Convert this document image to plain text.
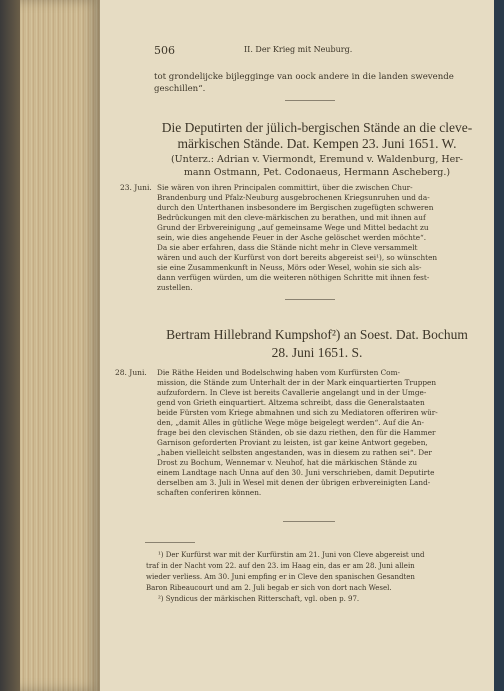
506	II. Der Krieg mit Neuburg.
tot grondelijcke bijlegginge van oock andere in die landen swevende
geschillen“.
Die Deputirten der jülich-bergischen Stände an die cleve-
märkischen Stände. Dat. Kempen 23. Juni 1651. W.
(Unterz.: Adrian v. Viermondt, Eremund v. Waldenburg, Her-
mann Ostmann, Pet. Codonaeus, Hermann Ascheberg.)
23. Juni. Sie wären von ihren Principalen committirt, über die zwischen Chur-
Brandenburg und Pfalz-Neuburg ausgebrochenen Kriegsunruhen und da-
durch den Unterthanen insbesondere im Bergischen zugefügten schweren
Bedrückungen mit den cleve-märkischen zu berathen, und mit ihnen auf
Grund der Erbvereinigung „auf gemeinsame Wege und Mittel bedacht zu
sein, wie dies angehende Feuer in der Asche gelöschet werden möchte“.
Da sie aber erfahren, dass die Stände nicht mehr in Cleve versammelt
wären und auch der Kurfürst von dort bereits abgereist sei¹), so wünschten
sie eine Zusammenkunft in Neuss, Mörs oder Wesel, wohin sie sich als-
dann verfügen würden, um die weiteren nöthigen Schritte mit ihnen fest-
zustellen.
Bertram Hillebrand Kumpshof²) an Soest. Dat. Bochum
28. Juni 1651. S.
28. Juni. Die Räthe Heiden und Bodelschwing haben vom Kurfürsten Com-
mission, die Stände zum Unterhalt der in der Mark einquartierten Truppen
aufzufordern. In Cleve ist bereits Cavallerie angelangt und in der Umge-
gend von Grieth einquartiert. Altzema schreibt, dass die Generalstaaten
beide Fürsten vom Kriege abmahnen und sich zu Mediatoren offeriren wür-
den, „damit Alles in gütliche Wege möge beigelegt werden“. Auf die An-
frage bei den clevischen Ständen, ob sie dazu riethen, den für die Hammer
Garnison geforderten Proviant zu leisten, ist gar keine Antwort gegeben,
„haben vielleicht selbsten angestanden, was in diesem zu rathen sei“. Der
Drost zu Bochum, Wennemar v. Neuhof, hat die märkischen Stände zu
einem Landtage nach Unna auf den 30. Juni verschrieben, damit Deputirte
derselben am 3. Juli in Wesel mit denen der übrigen erbvereinigten Land-
schaften conferiren können.
¹) Der Kurfürst war mit der Kurfürstin am 21. Juni von Cleve abgereist und
traf in der Nacht vom 22. auf den 23. im Haag ein, das er am 28. Juni allein
wieder verliess. Am 30. Juni empfing er in Cleve den spanischen Gesandten
Baron Ribeaucourt und am 2. Juli begab er sich von dort nach Wesel.
²) Syndicus der märkischen Ritterschaft, vgl. oben p. 97.
